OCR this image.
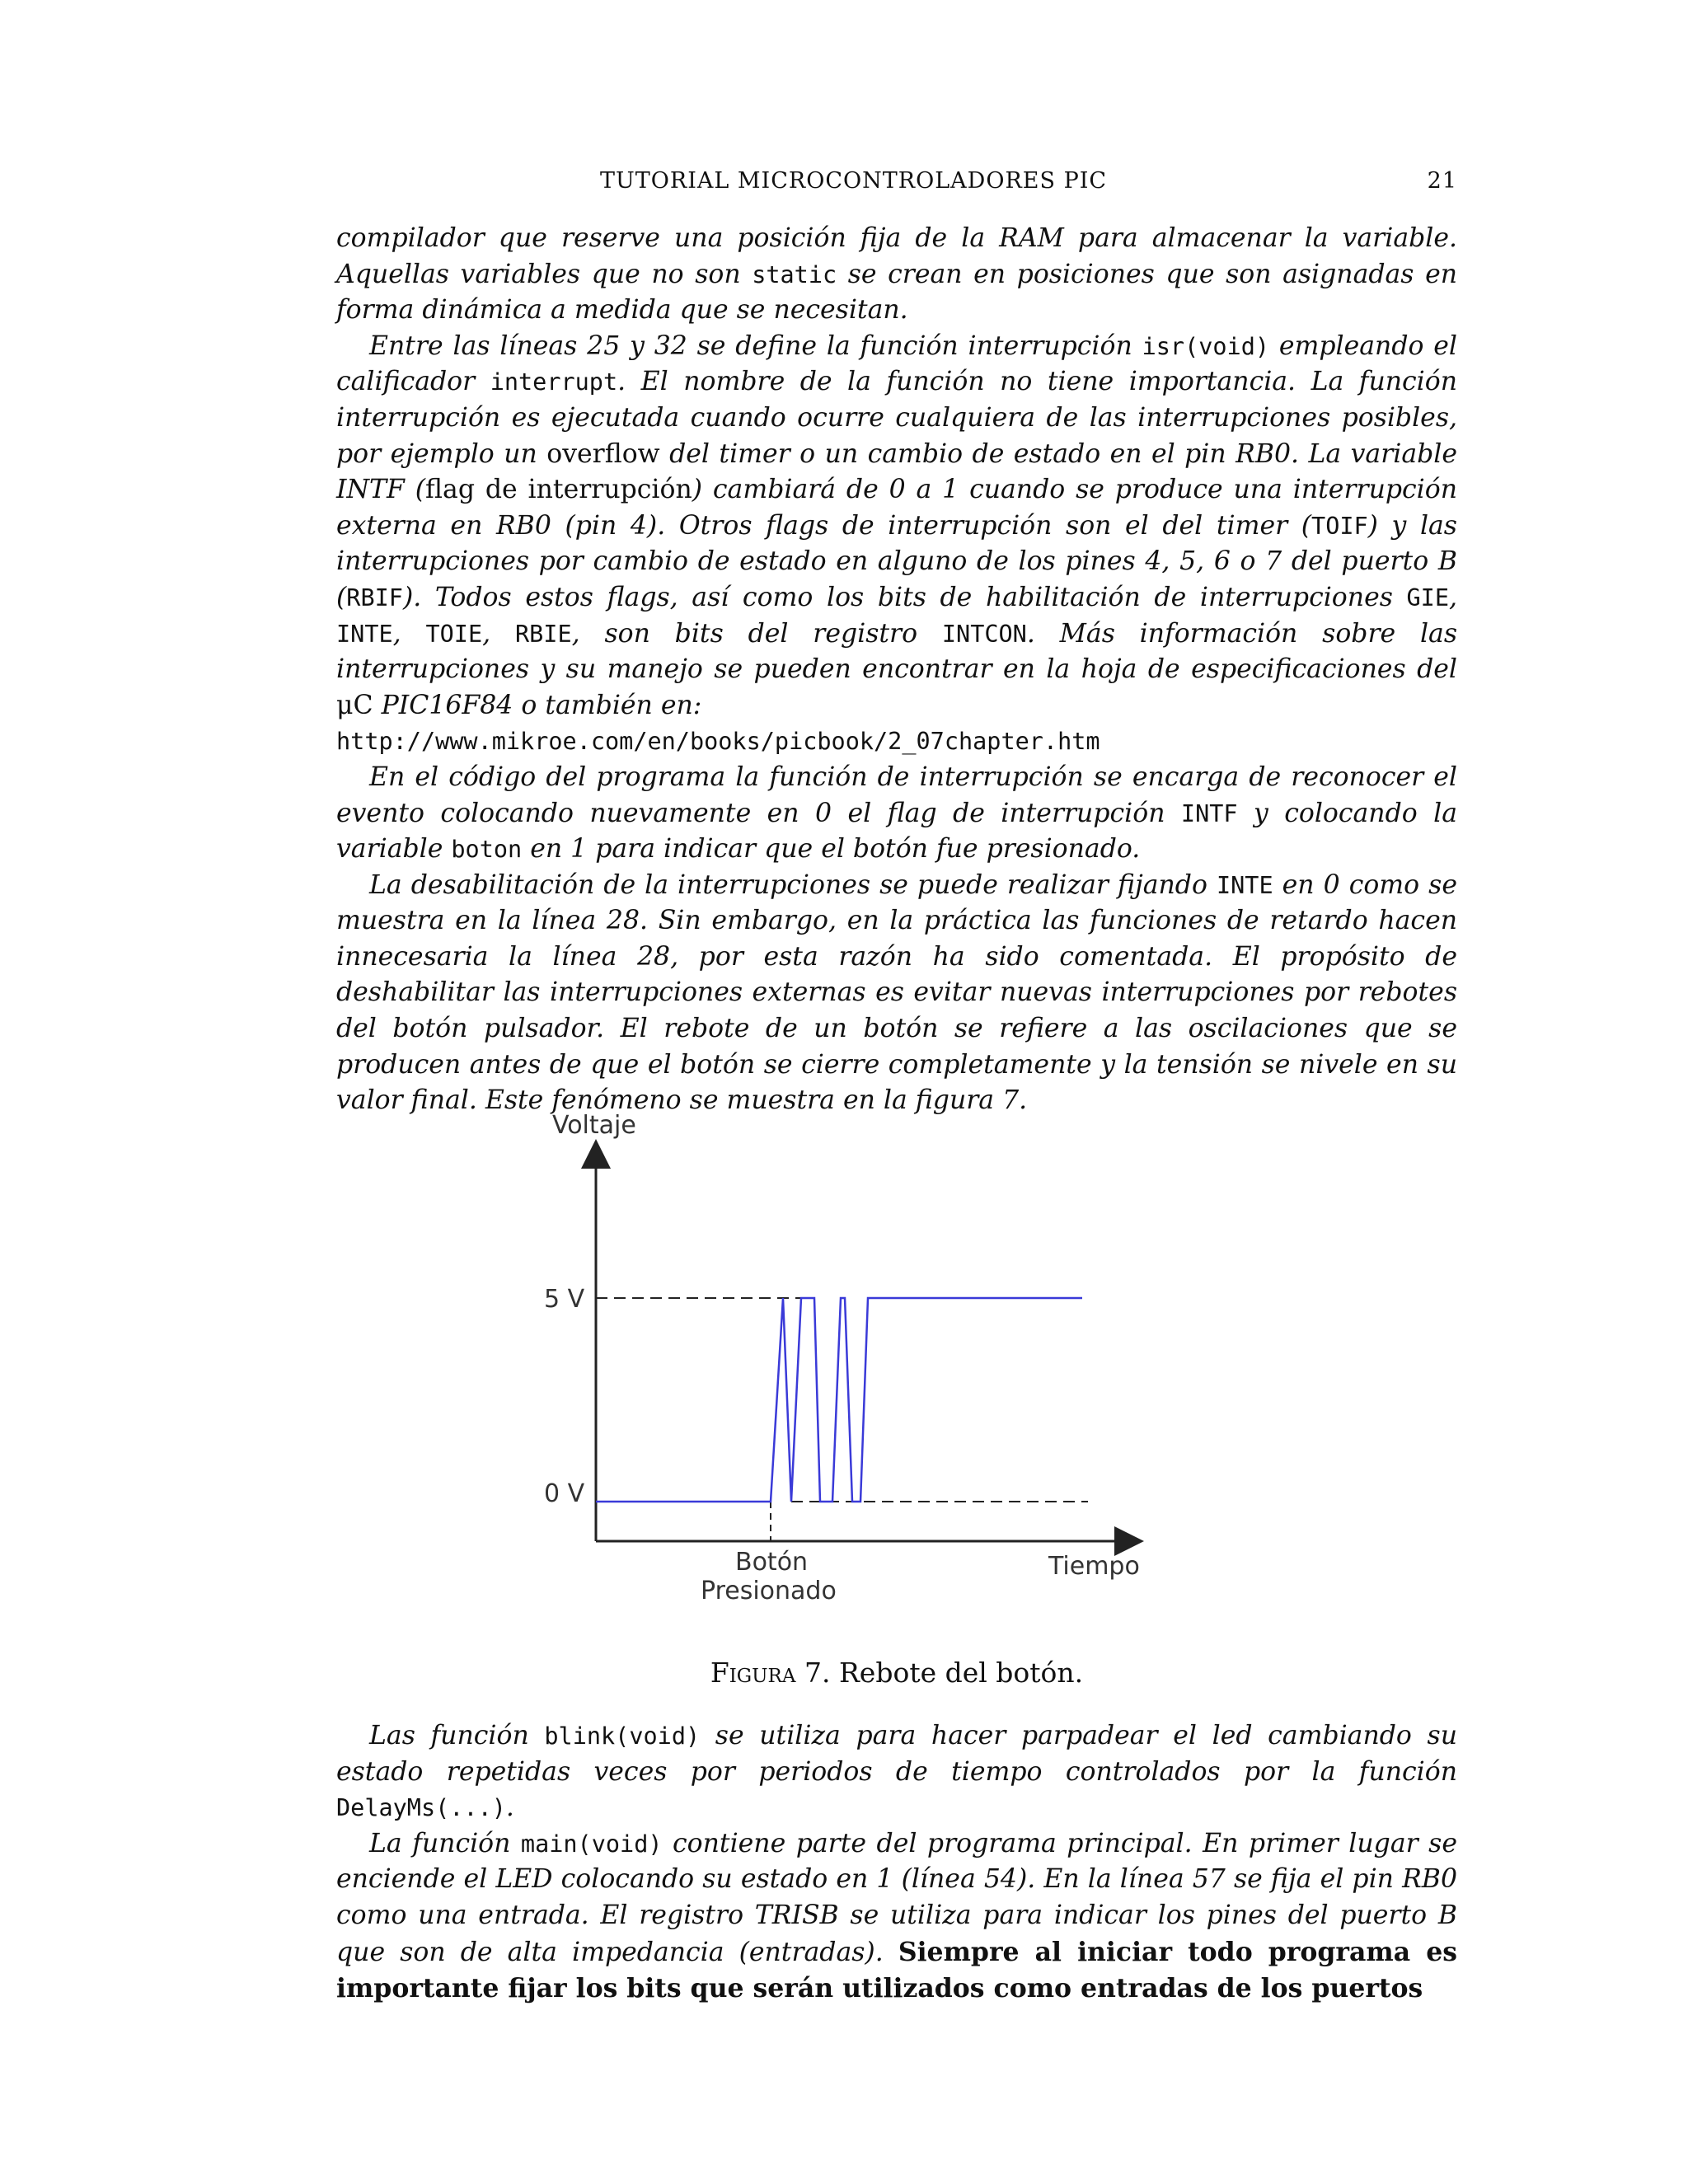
TUTORIAL MICROCONTROLADORES PIC	21

compilador que reserve una posición fija de la RAM para almacenar la variable. Aquellas variables que no son static se crean en posiciones que son asignadas en forma dinámica a medida que se necesitan.

Entre las líneas 25 y 32 se define la función interrupción isr(void) empleando el calificador interrupt. El nombre de la función no tiene importancia. La función interrupción es ejecutada cuando ocurre cualquiera de las interrupciones posibles, por ejemplo un overflow del timer o un cambio de estado en el pin RB0. La variable INTF (flag de interrupción) cambiará de 0 a 1 cuando se produce una interrupción externa en RB0 (pin 4). Otros flags de interrupción son el del timer (TOIF) y las interrupciones por cambio de estado en alguno de los pines 4, 5, 6 o 7 del puerto B (RBIF). Todos estos flags, así como los bits de habilitación de interrupciones GIE, INTE, TOIE, RBIE, son bits del registro INTCON. Más información sobre las interrupciones y su manejo se pueden encontrar en la hoja de especificaciones del μC PIC16F84 o también en:

http://www.mikroe.com/en/books/picbook/2_07chapter.htm

En el código del programa la función de interrupción se encarga de reconocer el evento colocando nuevamente en 0 el flag de interrupción INTF y colocando la variable boton en 1 para indicar que el botón fue presionado.

La desabilitación de la interrupciones se puede realizar fijando INTE en 0 como se muestra en la línea 28. Sin embargo, en la práctica las funciones de retardo hacen innecesaria la línea 28, por esta razón ha sido comentada. El propósito de deshabilitar las interrupciones externas es evitar nuevas interrupciones por rebotes del botón pulsador. El rebote de un botón se refiere a las oscilaciones que se producen antes de que el botón se cierre completamente y la tensión se nivele en su valor final. Este fenómeno se muestra en la figura 7.

Voltaje
5 V
0 V
Botón
Presionado
Tiempo
Figura 7. Rebote del botón.

Las función blink(void) se utiliza para hacer parpadear el led cambiando su estado repetidas veces por periodos de tiempo controlados por la función DelayMs(...).

La función main(void) contiene parte del programa principal. En primer lugar se enciende el LED colocando su estado en 1 (línea 54). En la línea 57 se fija el pin RB0 como una entrada. El registro TRISB se utiliza para indicar los pines del puerto B que son de alta impedancia (entradas). Siempre al iniciar todo programa es importante fijar los bits que serán utilizados como entradas de los puertos
